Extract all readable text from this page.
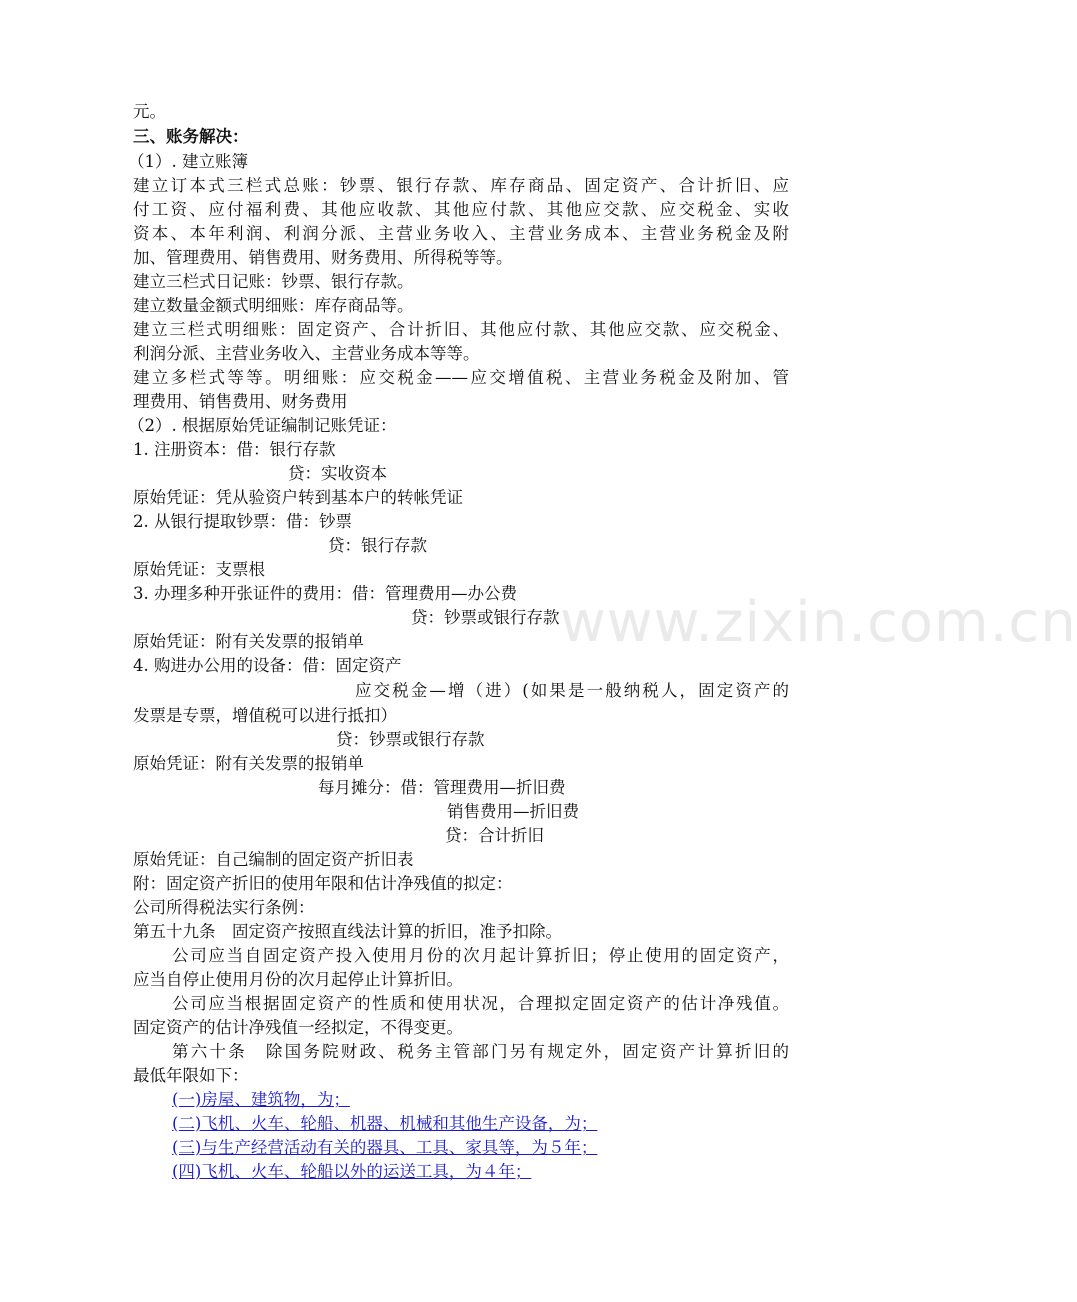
www.zixin.com.cn
元。
三、账务解决：
（1）. 建立账簿
建立订本式三栏式总账：钞票、银行存款、库存商品、固定资产、合计折旧、应
付工资、应付福利费、其他应收款、其他应付款、其他应交款、应交税金、实收
资本、本年利润、利润分派、主营业务收入、主营业务成本、主营业务税金及附
加、管理费用、销售费用、财务费用、所得税等等。
建立三栏式日记账：钞票、银行存款。
建立数量金额式明细账：库存商品等。
建立三栏式明细账：固定资产、合计折旧、其他应付款、其他应交款、应交税金、
利润分派、主营业务收入、主营业务成本等等。
建立多栏式等等。明细账：应交税金——应交增值税、主营业务税金及附加、管
理费用、销售费用、财务费用
（2）. 根据原始凭证编制记账凭证：
1. 注册资本：借：银行存款
贷：实收资本
原始凭证：凭从验资户转到基本户的转帐凭证
2. 从银行提取钞票：借：钞票
贷：银行存款
原始凭证：支票根
3. 办理多种开张证件的费用：借：管理费用—办公费
贷：钞票或银行存款
原始凭证：附有关发票的报销单
4. 购进办公用的设备：借：固定资产
应交税金—增（进）(如果是一般纳税人，固定资产的
发票是专票，增值税可以进行抵扣）
贷：钞票或银行存款
原始凭证：附有关发票的报销单
每月摊分：借：管理费用—折旧费
销售费用—折旧费
贷：合计折旧
原始凭证：自己编制的固定资产折旧表
附：固定资产折旧的使用年限和估计净残值的拟定：
公司所得税法实行条例：
第五十九条　固定资产按照直线法计算的折旧，准予扣除。
公司应当自固定资产投入使用月份的次月起计算折旧；停止使用的固定资产，
应当自停止使用月份的次月起停止计算折旧。
公司应当根据固定资产的性质和使用状况，合理拟定固定资产的估计净残值。
固定资产的估计净残值一经拟定，不得变更。
第六十条　除国务院财政、税务主管部门另有规定外，固定资产计算折旧的
最低年限如下：
(一)房屋、建筑物，为；
(二)飞机、火车、轮船、机器、机械和其他生产设备，为；
(三)与生产经营活动有关的器具、工具、家具等，为５年；
(四)飞机、火车、轮船以外的运送工具，为４年；
